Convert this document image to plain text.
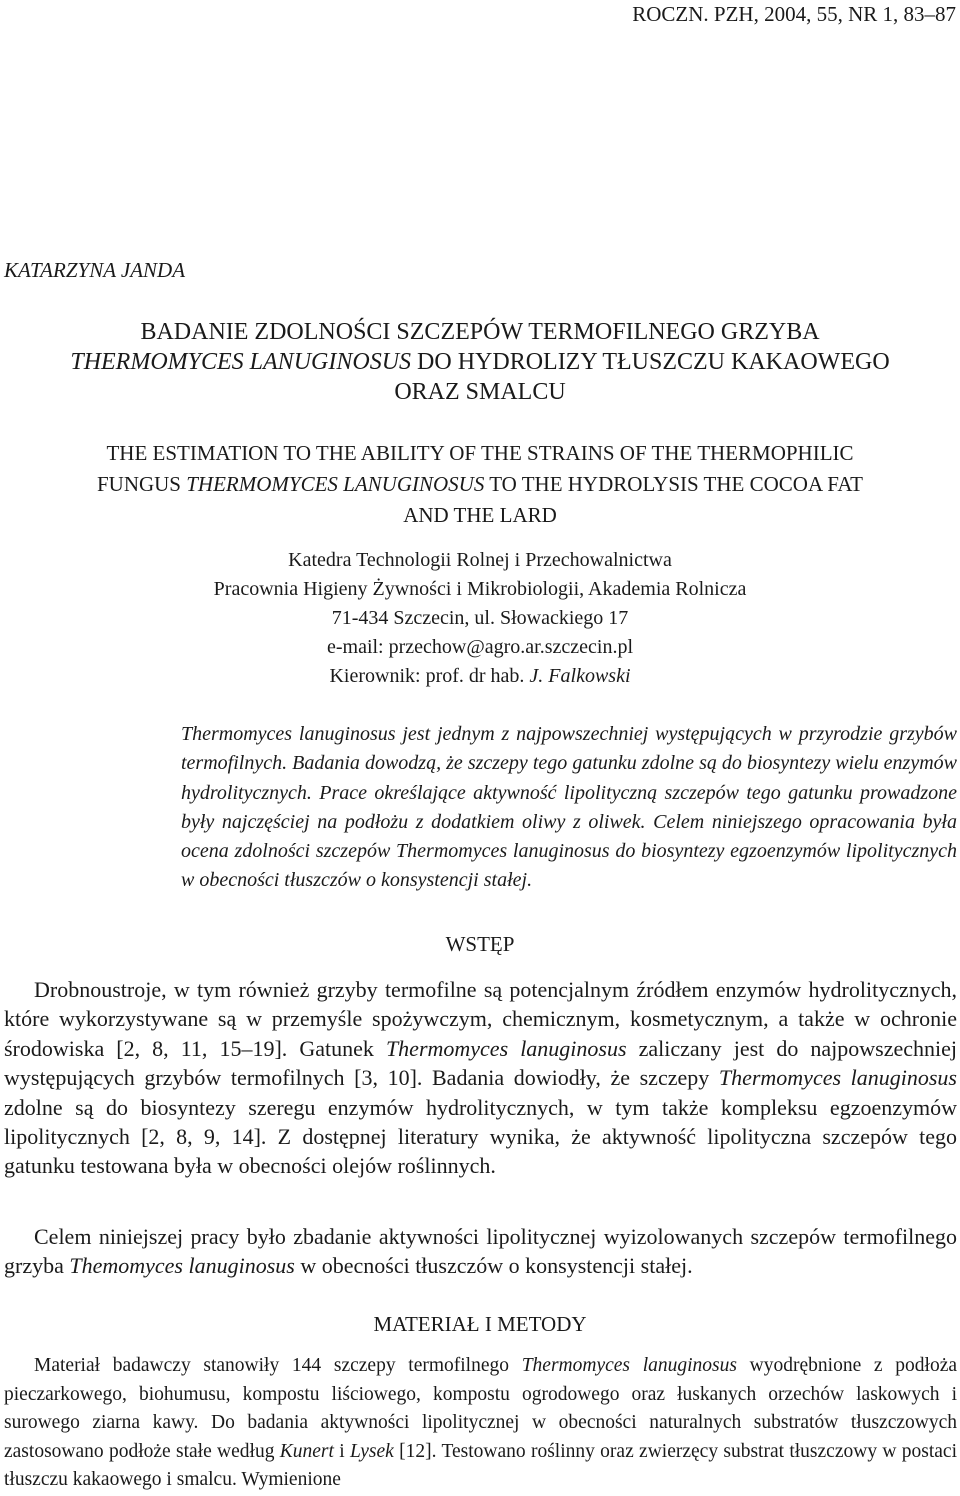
ROCZN. PZH, 2004, 55, NR 1, 83–87
KATARZYNA JANDA
BADANIE ZDOLNOŚCI SZCZEPÓW TERMOFILNEGO GRZYBA
THERMOMYCES LANUGINOSUS DO HYDROLIZY TŁUSZCZU KAKAOWEGO
ORAZ SMALCU
THE ESTIMATION TO THE ABILITY OF THE STRAINS OF THE THERMOPHILIC
FUNGUS THERMOMYCES LANUGINOSUS TO THE HYDROLYSIS THE COCOA FAT
AND THE LARD
Katedra Technologii Rolnej i Przechowalnictwa
Pracownia Higieny Żywności i Mikrobiologii, Akademia Rolnicza
71-434 Szczecin, ul. Słowackiego 17
e-mail: przechow@agro.ar.szczecin.pl
Kierownik: prof. dr hab. J. Falkowski

Thermomyces lanuginosus jest jednym z najpowszechniej występujących w przyrodzie grzybów termofilnych. Badania dowodzą, że szczepy tego gatunku zdolne są do biosyntezy wielu enzymów hydrolitycznych. Prace określające aktywność lipolityczną szczepów tego gatunku prowadzone były najczęściej na podłożu z dodatkiem oliwy z oliwek. Celem niniejszego opracowania była ocena zdolności szczepów Thermomyces lanuginosus do biosyntezy egzoenzymów lipolitycznych w obecności tłuszczów o konsystencji stałej.

WSTĘP

Drobnoustroje, w tym również grzyby termofilne są potencjalnym źródłem enzymów hydrolitycznych, które wykorzystywane są w przemyśle spożywczym, chemicznym, kosmetycznym, a także w ochronie środowiska [2, 8, 11, 15–19]. Gatunek Thermomyces lanuginosus zaliczany jest do najpowszechniej występujących grzybów termofilnych [3, 10]. Badania dowiodły, że szczepy Thermomyces lanuginosus zdolne są do biosyntezy szeregu enzymów hydrolitycznych, w tym także kompleksu egzoenzymów lipolitycznych [2, 8, 9, 14]. Z dostępnej literatury wynika, że aktywność lipolityczna szczepów tego gatunku testowana była w obecności olejów roślinnych.

Celem niniejszej pracy było zbadanie aktywności lipolitycznej wyizolowanych szczepów termofilnego grzyba Themomyces lanuginosus w obecności tłuszczów o konsystencji stałej.

MATERIAŁ I METODY

Materiał badawczy stanowiły 144 szczepy termofilnego Thermomyces lanuginosus wyodrębnione z podłoża pieczarkowego, biohumusu, kompostu liściowego, kompostu ogrodowego oraz łuskanych orzechów laskowych i surowego ziarna kawy. Do badania aktywności lipolitycznej w obecności naturalnych substratów tłuszczowych zastosowano podłoże stałe według Kunert i Lysek [12]. Testowano roślinny oraz zwierzęcy substrat tłuszczowy w postaci tłuszczu kakaowego i smalcu. Wymienione
